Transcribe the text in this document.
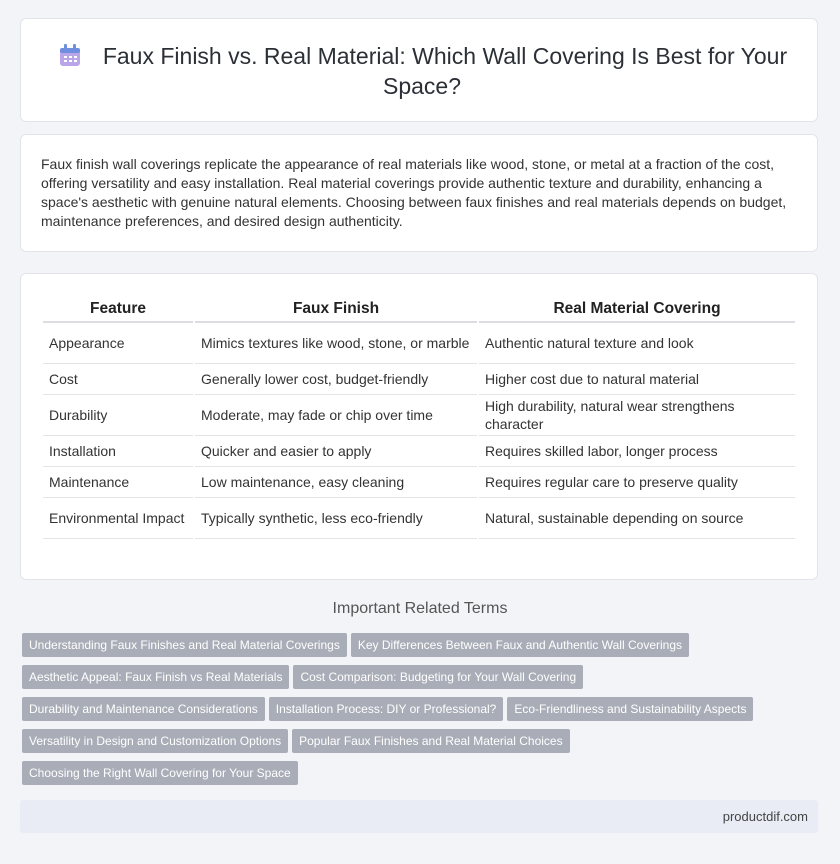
Faux Finish vs. Real Material: Which Wall Covering Is Best for Your Space?
Faux finish wall coverings replicate the appearance of real materials like wood, stone, or metal at a fraction of the cost, offering versatility and easy installation. Real material coverings provide authentic texture and durability, enhancing a space's aesthetic with genuine natural elements. Choosing between faux finishes and real materials depends on budget, maintenance preferences, and desired design authenticity.
Feature	Faux Finish	Real Material Covering
Appearance	Mimics textures like wood, stone, or marble	Authentic natural texture and look
Cost	Generally lower cost, budget-friendly	Higher cost due to natural material
Durability	Moderate, may fade or chip over time	High durability, natural wear strengthens character
Installation	Quicker and easier to apply	Requires skilled labor, longer process
Maintenance	Low maintenance, easy cleaning	Requires regular care to preserve quality
Environmental Impact	Typically synthetic, less eco-friendly	Natural, sustainable depending on source
Important Related Terms
Understanding Faux Finishes and Real Material Coverings Key Differences Between Faux and Authentic Wall Coverings
Aesthetic Appeal: Faux Finish vs Real Materials Cost Comparison: Budgeting for Your Wall Covering
Durability and Maintenance Considerations Installation Process: DIY or Professional? Eco-Friendliness and Sustainability Aspects
Versatility in Design and Customization Options Popular Faux Finishes and Real Material Choices
Choosing the Right Wall Covering for Your Space
productdif.com
